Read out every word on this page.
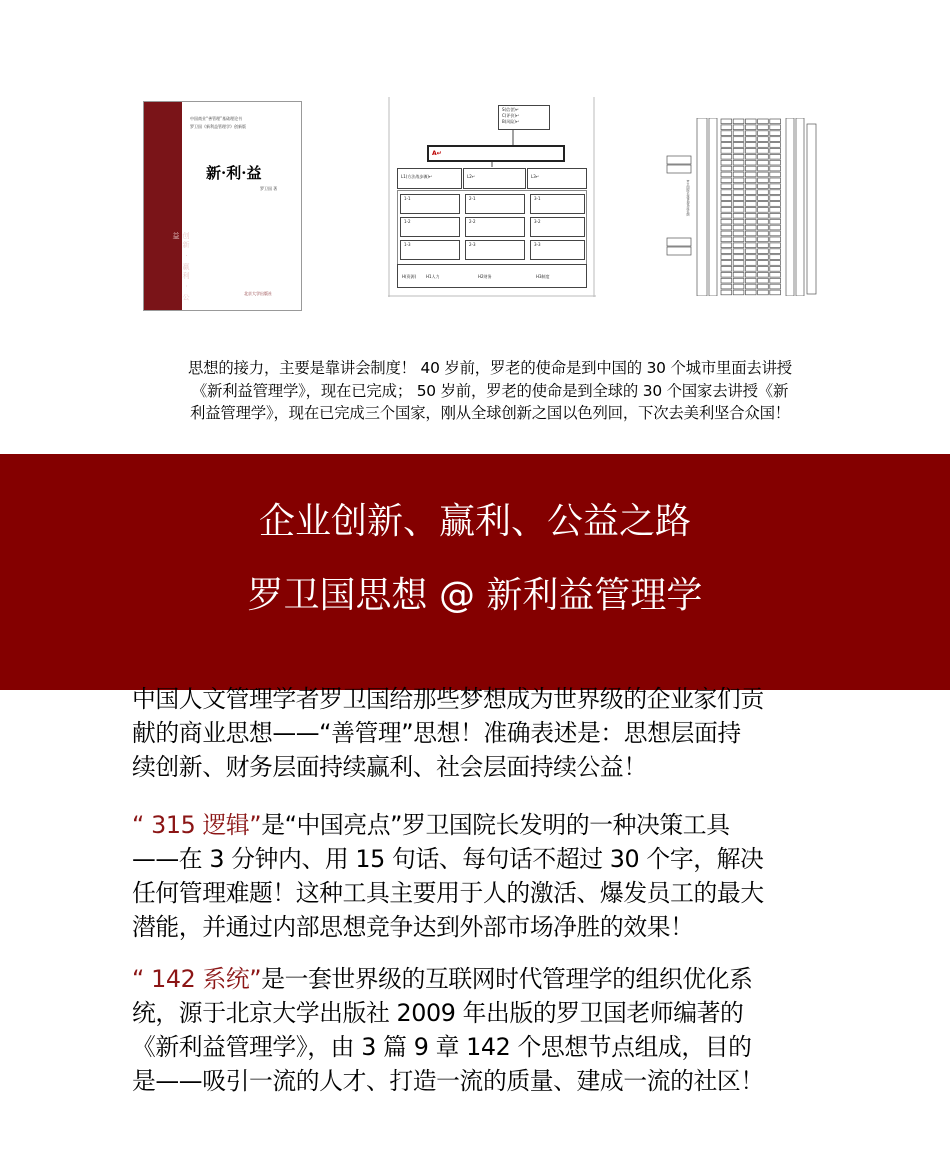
创新 · 赢利 · 公益
中国商业“善管理”基础理论书
罗卫国《新利益管理学》创新版
新·利·益
罗卫国 著
北京大学出版社
S(信誉)↵
C(评价)↵
B(风险)↵
A↵
L1(方法战步骤)↵	L2↵	L3↵
1-1	2-1	3-1
1-2	2-2	3-2
1-3	2-3	3-3
H(资源) H1人力	H2财务	H3制度
罗卫国院长演讲现场座位图
思想的接力，主要是靠讲会制度！ 40 岁前，罗老的使命是到中国的 30 个城市里面去讲授
《新利益管理学》，现在已完成； 50 岁前，罗老的使命是到全球的 30 个国家去讲授《新
利益管理学》，现在已完成三个国家，刚从全球创新之国以色列回，下次去美利坚合众国！
企业创新、赢利、公益之路
罗卫国思想 @ 新利益管理学
中国人文管理学者罗卫国给那些梦想成为世界级的企业家们贡
献的商业思想——“善管理”思想！准确表述是：思想层面持
续创新、财务层面持续赢利、社会层面持续公益！
“ 315 逻辑”是“中国亮点”罗卫国院长发明的一种决策工具
——在 3 分钟内、用 15 句话、每句话不超过 30 个字，解决
任何管理难题！这种工具主要用于人的激活、爆发员工的最大
潜能，并通过内部思想竞争达到外部市场净胜的效果！
“ 142 系统”是一套世界级的互联网时代管理学的组织优化系
统，源于北京大学出版社 2009 年出版的罗卫国老师编著的
《新利益管理学》，由 3 篇 9 章 142 个思想节点组成，目的
是——吸引一流的人才、打造一流的质量、建成一流的社区！
